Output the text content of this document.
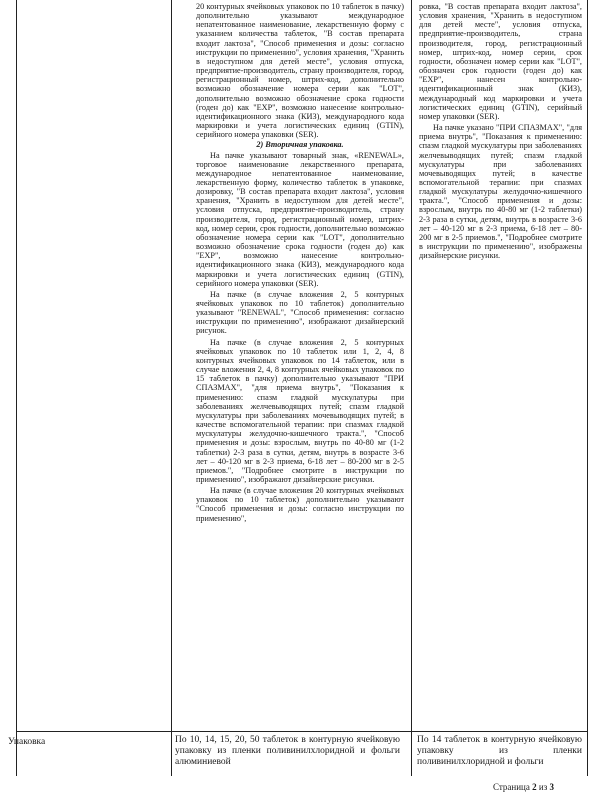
20 контурных ячейковых упаковок по 10 таблеток в пачку) дополнительно указывают международное непатентованное наименование, лекарственную форму с указанием количества таблеток, "В состав препарата входит лактоза", "Способ применения и дозы: согласно инструкции по применению", условия хранения, "Хранить в недоступном для детей месте", условия отпуска, предприятие-производитель, страну производителя, город, регистрационный номер, штрих-код, дополнительно возможно обозначение номера серии как "LOT", дополнительно возможно обозначение срока годности (годен до) как "EXP", возможно нанесение контрольно-идентификационного знака (КИЗ), международного кода маркировки и учета логистических единиц (GTIN), серийного номера упаковки (SER).

2) Вторичная упаковка.

На пачке указывают товарный знак, «RENEWAL», торговое наименование лекарственного препарата, международное непатентованное наименование, лекарственную форму, количество таблеток в упаковке, дозировку, "В состав препарата входит лактоза", условия хранения, "Хранить в недоступном для детей месте", условия отпуска, предприятие-производитель, страну производителя, город, регистрационный номер, штрих-код, номер серии, срок годности, дополнительно возможно обозначение номера серии как "LOT", дополнительно возможно обозначение срока годности (годен до) как "EXP", возможно нанесение контрольно-идентификационного знака (КИЗ), международного кода маркировки и учета логистических единиц (GTIN), серийного номера упаковки (SER).

На пачке (в случае вложения 2, 5 контурных ячейковых упаковок по 10 таблеток) дополнительно указывают "RENEWAL", "Способ применения: согласно инструкции по применению", изображают дизайнерский рисунок.

На пачке (в случае вложения 2, 5 контурных ячейковых упаковок по 10 таблеток или 1, 2, 4, 8 контурных ячейковых упаковок по 14 таблеток, или в случае вложения 2, 4, 8 контурных ячейковых упаковок по 15 таблеток в пачку) дополнительно указывают "ПРИ СПАЗМАХ", "для приема внутрь", "Показания к применению: спазм гладкой мускулатуры при заболеваниях желчевыводящих путей; спазм гладкой мускулатуры при заболеваниях мочевыводящих путей; в качестве вспомогательной терапии: при спазмах гладкой мускулатуры желудочно-кишечного тракта.", "Способ применения и дозы: взрослым, внутрь по 40-80 мг (1-2 таблетки) 2-3 раза в сутки, детям, внутрь в возрасте 3-6 лет – 40-120 мг в 2-3 приема, 6-18 лет – 80-200 мг в 2-5 приемов.", "Подробнее смотрите в инструкции по применению", изображают дизайнерские рисунки.

На пачке (в случае вложения 20 контурных ячейковых упаковок по 10 таблеток) дополнительно указывают "Способ применения и дозы: согласно инструкции по применению",

ровка, "В состав препарата входит лактоза", условия хранения, "Хранить в недоступном для детей месте", условия отпуска, предприятие-производитель, страна производителя, город, регистрационный номер, штрих-код, номер серии, срок годности, обозначен номер серии как "LOT", обозначен срок годности (годен до) как "EXP", нанесен контрольно-идентификационный знак (КИЗ), международный код маркировки и учета логистических единиц (GTIN), серийный номер упаковки (SER).

На пачке указано "ПРИ СПАЗМАХ", "для приема внутрь", "Показания к применению: спазм гладкой мускулатуры при заболеваниях желчевыводящих путей; спазм гладкой мускулатуры при заболеваниях мочевыводящих путей; в качестве вспомогательной терапии: при спазмах гладкой мускулатуры желудочно-кишечного тракта.", "Способ применения и дозы: взрослым, внутрь по 40-80 мг (1-2 таблетки) 2-3 раза в сутки, детям, внутрь в возрасте 3-6 лет – 40-120 мг в 2-3 приема, 6-18 лет – 80-200 мг в 2-5 приемов.", "Подробнее смотрите в инструкции по применению", изображены дизайнерские рисунки.

Упаковка	По 10, 14, 15, 20, 50 таблеток в контурную ячейковую упаковку из пленки поливинилхлоридной и фольги алюминиевой
По 14 таблеток в контурную ячейковую упаковку из пленки поливинилхлоридной и фольги
Страница 2 из 3
